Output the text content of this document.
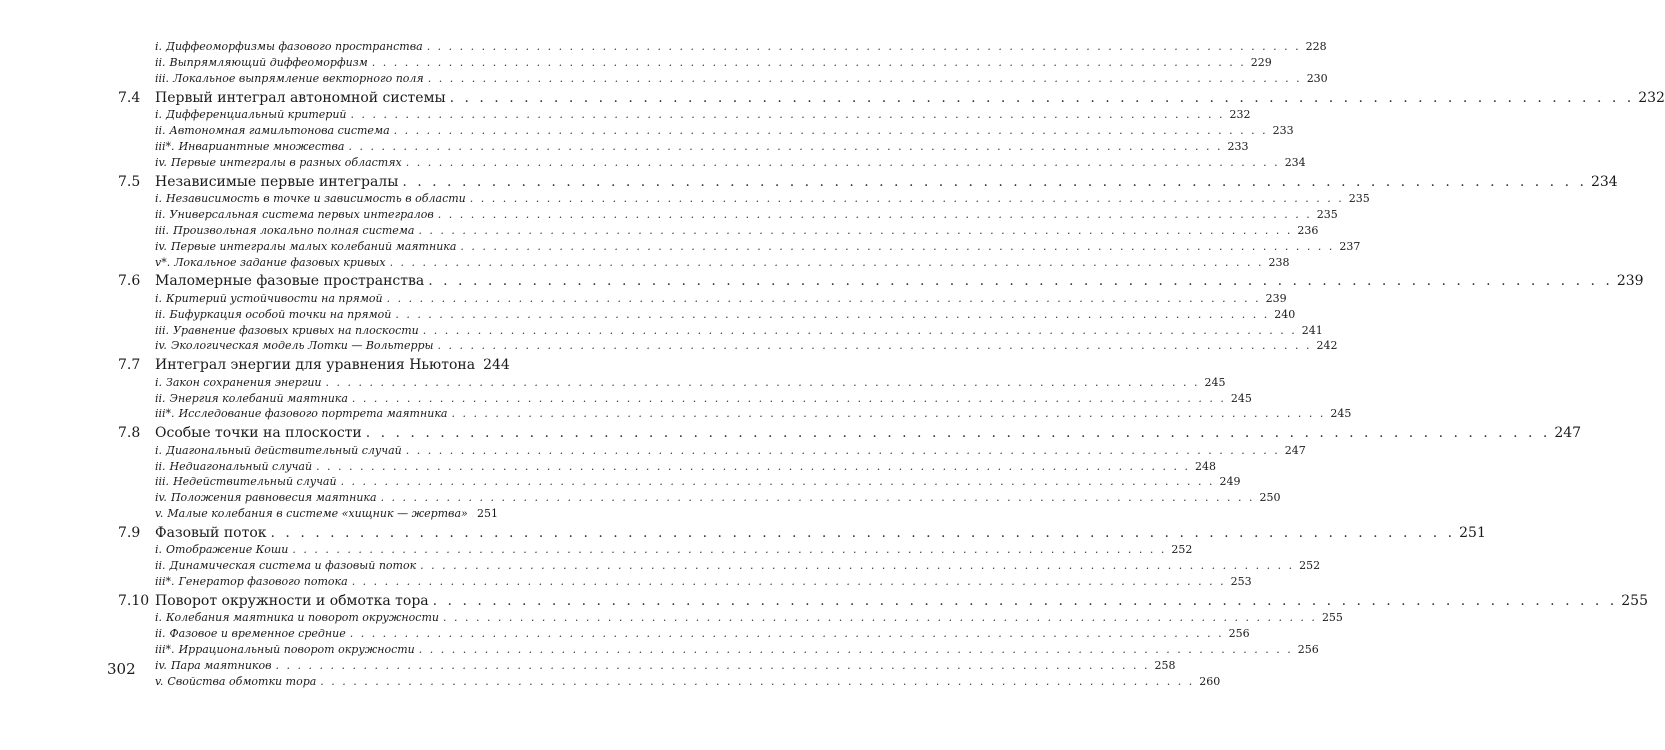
i. Диффеоморфизмы фазового пространства . . . . . . . . . . . . . . . . . . . . . . . . . . . . . . . . . . . . . . . . . . . . . . . . . . . . . . . . . . . . . . . . . . . . . . . . . . . . . . . . 228
ii. Выпрямляющий диффеоморфизм . . . . . . . . . . . . . . . . . . . . . . . . . . . . . . . . . . . . . . . . . . . . . . . . . . . . . . . . . . . . . . . . . . . . . . . . . . . . . . . . 229
iii. Локальное выпрямление векторного поля . . . . . . . . . . . . . . . . . . . . . . . . . . . . . . . . . . . . . . . . . . . . . . . . . . . . . . . . . . . . . . . . . . . . . . . . . . . . . . . . 230
7.4	Первый интеграл автономной системы . . . . . . . . . . . . . . . . . . . . . . . . . . . . . . . . . . . . . . . . . . . . . . . . . . . . . . . . . . . . . . . . . . . . . . . . . . . . . . . . 232
i. Дифференциальный критерий . . . . . . . . . . . . . . . . . . . . . . . . . . . . . . . . . . . . . . . . . . . . . . . . . . . . . . . . . . . . . . . . . . . . . . . . . . . . . . . . 232
ii. Автономная гамильтонова система . . . . . . . . . . . . . . . . . . . . . . . . . . . . . . . . . . . . . . . . . . . . . . . . . . . . . . . . . . . . . . . . . . . . . . . . . . . . . . . . 233
iii*. Инвариантные множества . . . . . . . . . . . . . . . . . . . . . . . . . . . . . . . . . . . . . . . . . . . . . . . . . . . . . . . . . . . . . . . . . . . . . . . . . . . . . . . . 233
iv. Первые интегралы в разных областях . . . . . . . . . . . . . . . . . . . . . . . . . . . . . . . . . . . . . . . . . . . . . . . . . . . . . . . . . . . . . . . . . . . . . . . . . . . . . . . . 234
7.5	Независимые первые интегралы . . . . . . . . . . . . . . . . . . . . . . . . . . . . . . . . . . . . . . . . . . . . . . . . . . . . . . . . . . . . . . . . . . . . . . . . . . . . . . . . 234
i. Независимость в точке и зависимость в области . . . . . . . . . . . . . . . . . . . . . . . . . . . . . . . . . . . . . . . . . . . . . . . . . . . . . . . . . . . . . . . . . . . . . . . . . . . . . . . . 235
ii. Универсальная система первых интегралов . . . . . . . . . . . . . . . . . . . . . . . . . . . . . . . . . . . . . . . . . . . . . . . . . . . . . . . . . . . . . . . . . . . . . . . . . . . . . . . . 235
iii. Произвольная локально полная система . . . . . . . . . . . . . . . . . . . . . . . . . . . . . . . . . . . . . . . . . . . . . . . . . . . . . . . . . . . . . . . . . . . . . . . . . . . . . . . . 236
iv. Первые интегралы малых колебаний маятника . . . . . . . . . . . . . . . . . . . . . . . . . . . . . . . . . . . . . . . . . . . . . . . . . . . . . . . . . . . . . . . . . . . . . . . . . . . . . . . . 237
v*. Локальное задание фазовых кривых . . . . . . . . . . . . . . . . . . . . . . . . . . . . . . . . . . . . . . . . . . . . . . . . . . . . . . . . . . . . . . . . . . . . . . . . . . . . . . . . 238
7.6	Маломерные фазовые пространства . . . . . . . . . . . . . . . . . . . . . . . . . . . . . . . . . . . . . . . . . . . . . . . . . . . . . . . . . . . . . . . . . . . . . . . . . . . . . . . . 239
i. Критерий устойчивости на прямой . . . . . . . . . . . . . . . . . . . . . . . . . . . . . . . . . . . . . . . . . . . . . . . . . . . . . . . . . . . . . . . . . . . . . . . . . . . . . . . . 239
ii. Бифуркация особой точки на прямой . . . . . . . . . . . . . . . . . . . . . . . . . . . . . . . . . . . . . . . . . . . . . . . . . . . . . . . . . . . . . . . . . . . . . . . . . . . . . . . . 240
iii. Уравнение фазовых кривых на плоскости . . . . . . . . . . . . . . . . . . . . . . . . . . . . . . . . . . . . . . . . . . . . . . . . . . . . . . . . . . . . . . . . . . . . . . . . . . . . . . . . 241
iv. Экологическая модель Лотки — Вольтерры . . . . . . . . . . . . . . . . . . . . . . . . . . . . . . . . . . . . . . . . . . . . . . . . . . . . . . . . . . . . . . . . . . . . . . . . . . . . . . . . 242
7.7	Интеграл энергии для уравнения Ньютона 244
i. Закон сохранения энергии . . . . . . . . . . . . . . . . . . . . . . . . . . . . . . . . . . . . . . . . . . . . . . . . . . . . . . . . . . . . . . . . . . . . . . . . . . . . . . . . 245
ii. Энергия колебаний маятника . . . . . . . . . . . . . . . . . . . . . . . . . . . . . . . . . . . . . . . . . . . . . . . . . . . . . . . . . . . . . . . . . . . . . . . . . . . . . . . . 245
iii*. Исследование фазового портрета маятника . . . . . . . . . . . . . . . . . . . . . . . . . . . . . . . . . . . . . . . . . . . . . . . . . . . . . . . . . . . . . . . . . . . . . . . . . . . . . . . . 245
7.8	Особые точки на плоскости . . . . . . . . . . . . . . . . . . . . . . . . . . . . . . . . . . . . . . . . . . . . . . . . . . . . . . . . . . . . . . . . . . . . . . . . . . . . . . . . 247
i. Диагональный действительный случай . . . . . . . . . . . . . . . . . . . . . . . . . . . . . . . . . . . . . . . . . . . . . . . . . . . . . . . . . . . . . . . . . . . . . . . . . . . . . . . . 247
ii. Недиагональный случай . . . . . . . . . . . . . . . . . . . . . . . . . . . . . . . . . . . . . . . . . . . . . . . . . . . . . . . . . . . . . . . . . . . . . . . . . . . . . . . . 248
iii. Недействительный случай . . . . . . . . . . . . . . . . . . . . . . . . . . . . . . . . . . . . . . . . . . . . . . . . . . . . . . . . . . . . . . . . . . . . . . . . . . . . . . . . 249
iv. Положения равновесия маятника . . . . . . . . . . . . . . . . . . . . . . . . . . . . . . . . . . . . . . . . . . . . . . . . . . . . . . . . . . . . . . . . . . . . . . . . . . . . . . . . 250
v. Малые колебания в системе «хищник — жертва» 251
7.9	Фазовый поток . . . . . . . . . . . . . . . . . . . . . . . . . . . . . . . . . . . . . . . . . . . . . . . . . . . . . . . . . . . . . . . . . . . . . . . . . . . . . . . . 251
i. Отображение Коши . . . . . . . . . . . . . . . . . . . . . . . . . . . . . . . . . . . . . . . . . . . . . . . . . . . . . . . . . . . . . . . . . . . . . . . . . . . . . . . . 252
ii. Динамическая система и фазовый поток . . . . . . . . . . . . . . . . . . . . . . . . . . . . . . . . . . . . . . . . . . . . . . . . . . . . . . . . . . . . . . . . . . . . . . . . . . . . . . . . 252
iii*. Генератор фазового потока . . . . . . . . . . . . . . . . . . . . . . . . . . . . . . . . . . . . . . . . . . . . . . . . . . . . . . . . . . . . . . . . . . . . . . . . . . . . . . . . 253
7.10 Поворот окружности и обмотка тора . . . . . . . . . . . . . . . . . . . . . . . . . . . . . . . . . . . . . . . . . . . . . . . . . . . . . . . . . . . . . . . . . . . . . . . . . . . . . . . . 255
i. Колебания маятника и поворот окружности . . . . . . . . . . . . . . . . . . . . . . . . . . . . . . . . . . . . . . . . . . . . . . . . . . . . . . . . . . . . . . . . . . . . . . . . . . . . . . . . 255
ii. Фазовое и временное средние . . . . . . . . . . . . . . . . . . . . . . . . . . . . . . . . . . . . . . . . . . . . . . . . . . . . . . . . . . . . . . . . . . . . . . . . . . . . . . . . 256
iii*. Иррациональный поворот окружности . . . . . . . . . . . . . . . . . . . . . . . . . . . . . . . . . . . . . . . . . . . . . . . . . . . . . . . . . . . . . . . . . . . . . . . . . . . . . . . . 256
iv. Пара маятников . . . . . . . . . . . . . . . . . . . . . . . . . . . . . . . . . . . . . . . . . . . . . . . . . . . . . . . . . . . . . . . . . . . . . . . . . . . . . . . . 258
v. Свойства обмотки тора . . . . . . . . . . . . . . . . . . . . . . . . . . . . . . . . . . . . . . . . . . . . . . . . . . . . . . . . . . . . . . . . . . . . . . . . . . . . . . . . 260
302
